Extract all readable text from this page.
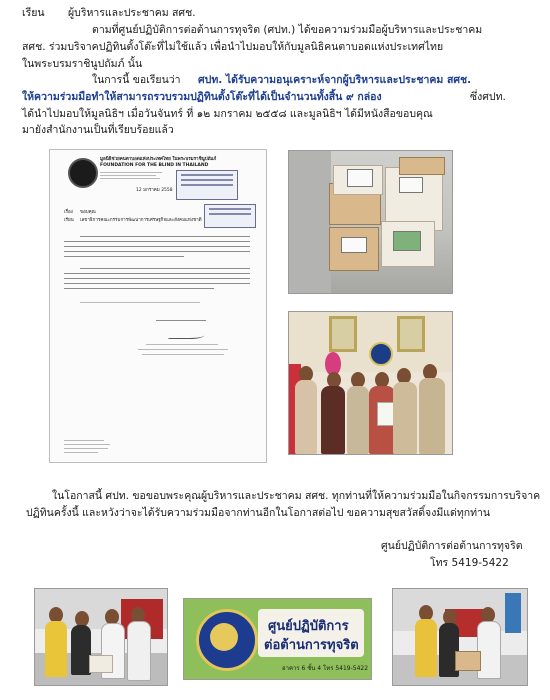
เรียน ผู้บริหารและประชาคม สศช.
ตามที่ศูนย์ปฏิบัติการต่อต้านการทุจริต (ศปท.) ได้ขอความร่วมมือผู้บริหารและประชาคม
สศช. ร่วมบริจาคปฏิทินตั้งโต๊ะที่ไม่ใช้แล้ว เพื่อนำไปมอบให้กับมูลนิธิคนตาบอดแห่งประเทศไทย
ในพระบรมราชินูปถัมภ์ นั้น
ในการนี้ ขอเรียนว่า ศปท. ได้รับความอนุเคราะห์จากผู้บริหารและประชาคม สศช.
ให้ความร่วมมือทำให้สามารถรวบรวมปฏิทินตั้งโต๊ะที่ได้เป็นจำนวนทั้งสิ้น ๙ กล่อง	ซึ่งศปท.
ได้นำไปมอบให้มูลนิธิฯ เมื่อวันจันทร์ ที่ ๑๒ มกราคม ๒๕๕๘ และมูลนิธิฯ ได้มีหนังสือขอบคุณ
มายังสำนักงานเป็นที่เรียบร้อยแล้ว
มูลนิธิช่วยคนตาบอดแห่งประเทศไทย ในพระบรมราชินูปถัมภ์
FOUNDATION FOR THE BLIND IN THAILAND
12 มกราคม 2558
เรื่อง ขอบคุณ
เรียน เลขาธิการคณะกรรมการพัฒนาการเศรษฐกิจและสังคมแห่งชาติ
ในโอกาสนี้ ศปท. ขอขอบพระคุณผู้บริหารและประชาคม สศช. ทุกท่านที่ให้ความร่วมมือในกิจกรรมการบริจาค
ปฏิทินครั้งนี้ และหวังว่าจะได้รับความร่วมมือจากท่านอีกในโอกาสต่อไป ขอความสุขสวัสดิ์จงมีแด่ทุกท่าน
ศูนย์ปฏิบัติการต่อต้านการทุจริต
โทร 5419-5422
ศูนย์ปฏิบัติการ
ต่อต้านการทุจริต
อาคาร 6 ชั้น 4 โทร 5419-5422
